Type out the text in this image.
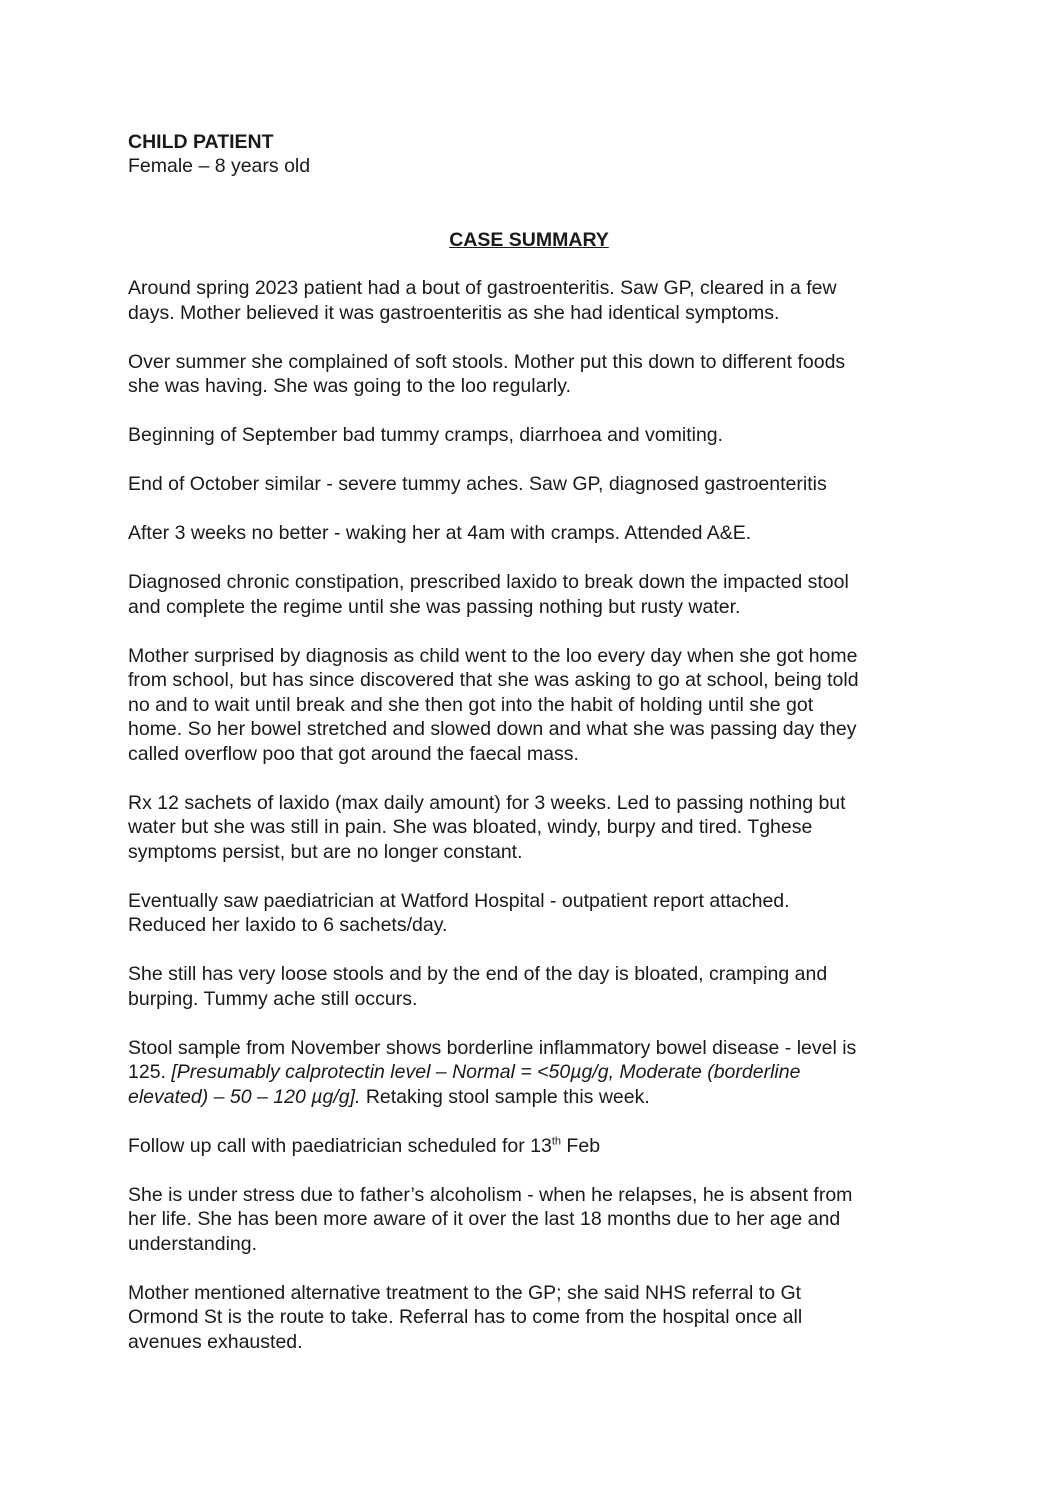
CHILD PATIENT
Female – 8 years old
CASE SUMMARY
Around spring 2023 patient had a bout of gastroenteritis. Saw GP, cleared in a few
days. Mother believed it was gastroenteritis as she had identical symptoms.
Over summer she complained of soft stools. Mother put this down to different foods
she was having. She was going to the loo regularly.
Beginning of September bad tummy cramps, diarrhoea and vomiting.
End of October similar - severe tummy aches. Saw GP, diagnosed gastroenteritis
After 3 weeks no better - waking her at 4am with cramps. Attended A&E.
Diagnosed chronic constipation, prescribed laxido to break down the impacted stool
and complete the regime until she was passing nothing but rusty water.
Mother surprised by diagnosis as child went to the loo every day when she got home
from school, but has since discovered that she was asking to go at school, being told
no and to wait until break and she then got into the habit of holding until she got
home. So her bowel stretched and slowed down and what she was passing day they
called overflow poo that got around the faecal mass.
Rx 12 sachets of laxido (max daily amount) for 3 weeks. Led to passing nothing but
water but she was still in pain. She was bloated, windy, burpy and tired. Tghese
symptoms persist, but are no longer constant.
Eventually saw paediatrician at Watford Hospital - outpatient report attached.
Reduced her laxido to 6 sachets/day.
She still has very loose stools and by the end of the day is bloated, cramping and
burping. Tummy ache still occurs.
Stool sample from November shows borderline inflammatory bowel disease - level is
125. [Presumably calprotectin level – Normal = <50µg/g, Moderate (borderline
elevated) – 50 – 120 µg/g]. Retaking stool sample this week.
Follow up call with paediatrician scheduled for 13th Feb
She is under stress due to father’s alcoholism - when he relapses, he is absent from
her life. She has been more aware of it over the last 18 months due to her age and
understanding.
Mother mentioned alternative treatment to the GP; she said NHS referral to Gt
Ormond St is the route to take. Referral has to come from the hospital once all
avenues exhausted.
